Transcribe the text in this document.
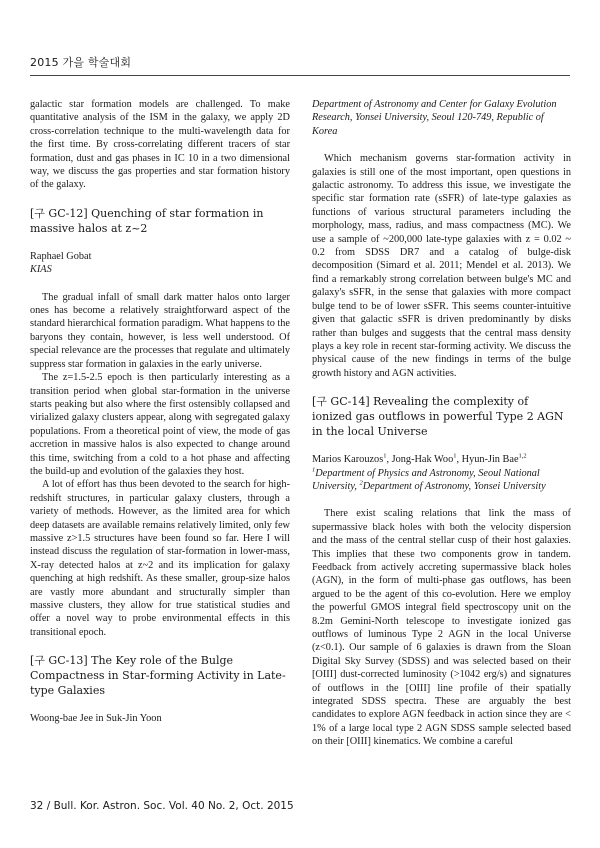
2015 가을 학술대회

galactic star formation models are challenged. To make quantitative analysis of the ISM in the galaxy, we apply 2D cross-correlation technique to the multi-wavelength data for the first time. By cross-correlating different tracers of star formation, dust and gas phases in IC 10 in a two dimensional way, we discuss the gas properties and star formation history of the galaxy.

[구 GC-12] Quenching of star formation in massive halos at z~2

Raphael Gobat

KIAS

The gradual infall of small dark matter halos onto larger ones has become a relatively straightforward aspect of the standard hierarchical formation paradigm. What happens to the baryons they contain, however, is less well understood. Of special relevance are the processes that regulate and ultimately suppress star formation in galaxies in the early universe.

The z=1.5-2.5 epoch is then particularly interesting as a transition period when global star-formation in the universe starts peaking but also where the first ostensibly collapsed and virialized galaxy clusters appear, along with segregated galaxy populations. From a theoretical point of view, the mode of gas accretion in massive halos is also expected to change around this time, switching from a cold to a hot phase and affecting the build-up and evolution of the galaxies they host.

A lot of effort has thus been devoted to the search for high-redshift structures, in particular galaxy clusters, through a variety of methods. However, as the limited area for which deep datasets are available remains relatively limited, only few massive z>1.5 structures have been found so far. Here I will instead discuss the regulation of star-formation in lower-mass, X-ray detected halos at z~2 and its implication for galaxy quenching at high redshift. As these smaller, group-size halos are vastly more abundant and structurally simpler than massive clusters, they allow for true statistical studies and offer a novel way to probe environmental effects in this transitional epoch.

[구 GC-13] The Key role of the Bulge Compactness in Star-forming Activity in Late-type Galaxies

Woong-bae Jee in Suk-Jin Yoon

Department of Astronomy and Center for Galaxy Evolution Research, Yonsei University, Seoul 120-749, Republic of Korea

Which mechanism governs star-formation activity in galaxies is still one of the most important, open questions in galactic astronomy. To address this issue, we investigate the specific star formation rate (sSFR) of late-type galaxies as functions of various structural parameters including the morphology, mass, radius, and mass compactness (MC). We use a sample of ~200,000 late-type galaxies with z = 0.02 ~ 0.2 from SDSS DR7 and a catalog of bulge-disk decomposition (Simard et al. 2011; Mendel et al. 2013). We find a remarkably strong correlation between bulge's MC and galaxy's sSFR, in the sense that galaxies with more compact bulge tend to be of lower sSFR. This seems counter-intuitive given that galactic sSFR is driven predominantly by disks rather than bulges and suggests that the central mass density plays a key role in recent star-forming activity. We discuss the physical cause of the new findings in terms of the bulge growth history and AGN activities.

[구 GC-14] Revealing the complexity of ionized gas outflows in powerful Type 2 AGN in the local Universe

Marios Karouzos$^1$, Jong-Hak Woo$^1$, Hyun-Jin Bae$^{1,2}$

$^1$Department of Physics and Astronomy, Seoul National University, $^2$Department of Astronomy, Yonsei University

There exist scaling relations that link the mass of supermassive black holes with both the velocity dispersion and the mass of the central stellar cusp of their host galaxies. This implies that these two components grow in tandem. Feedback from actively accreting supermassive black holes (AGN), in the form of multi-phase gas outflows, has been argued to be the agent of this co-evolution. Here we employ the powerful GMOS integral field spectroscopy unit on the 8.2m Gemini-North telescope to investigate ionized gas outflows of luminous Type 2 AGN in the local Universe (z<0.1). Our sample of 6 galaxies is drawn from the Sloan Digital Sky Survey (SDSS) and was selected based on their [OIII] dust-corrected luminosity (>1042 erg/s) and signatures of outflows in the [OIII] line profile of their spatially integrated SDSS spectra. These are arguably the best candidates to explore AGN feedback in action since they are < 1% of a large local type 2 AGN SDSS sample selected based on their [OIII] kinematics. We combine a careful

32 / Bull. Kor. Astron. Soc. Vol. 40 No. 2, Oct. 2015
